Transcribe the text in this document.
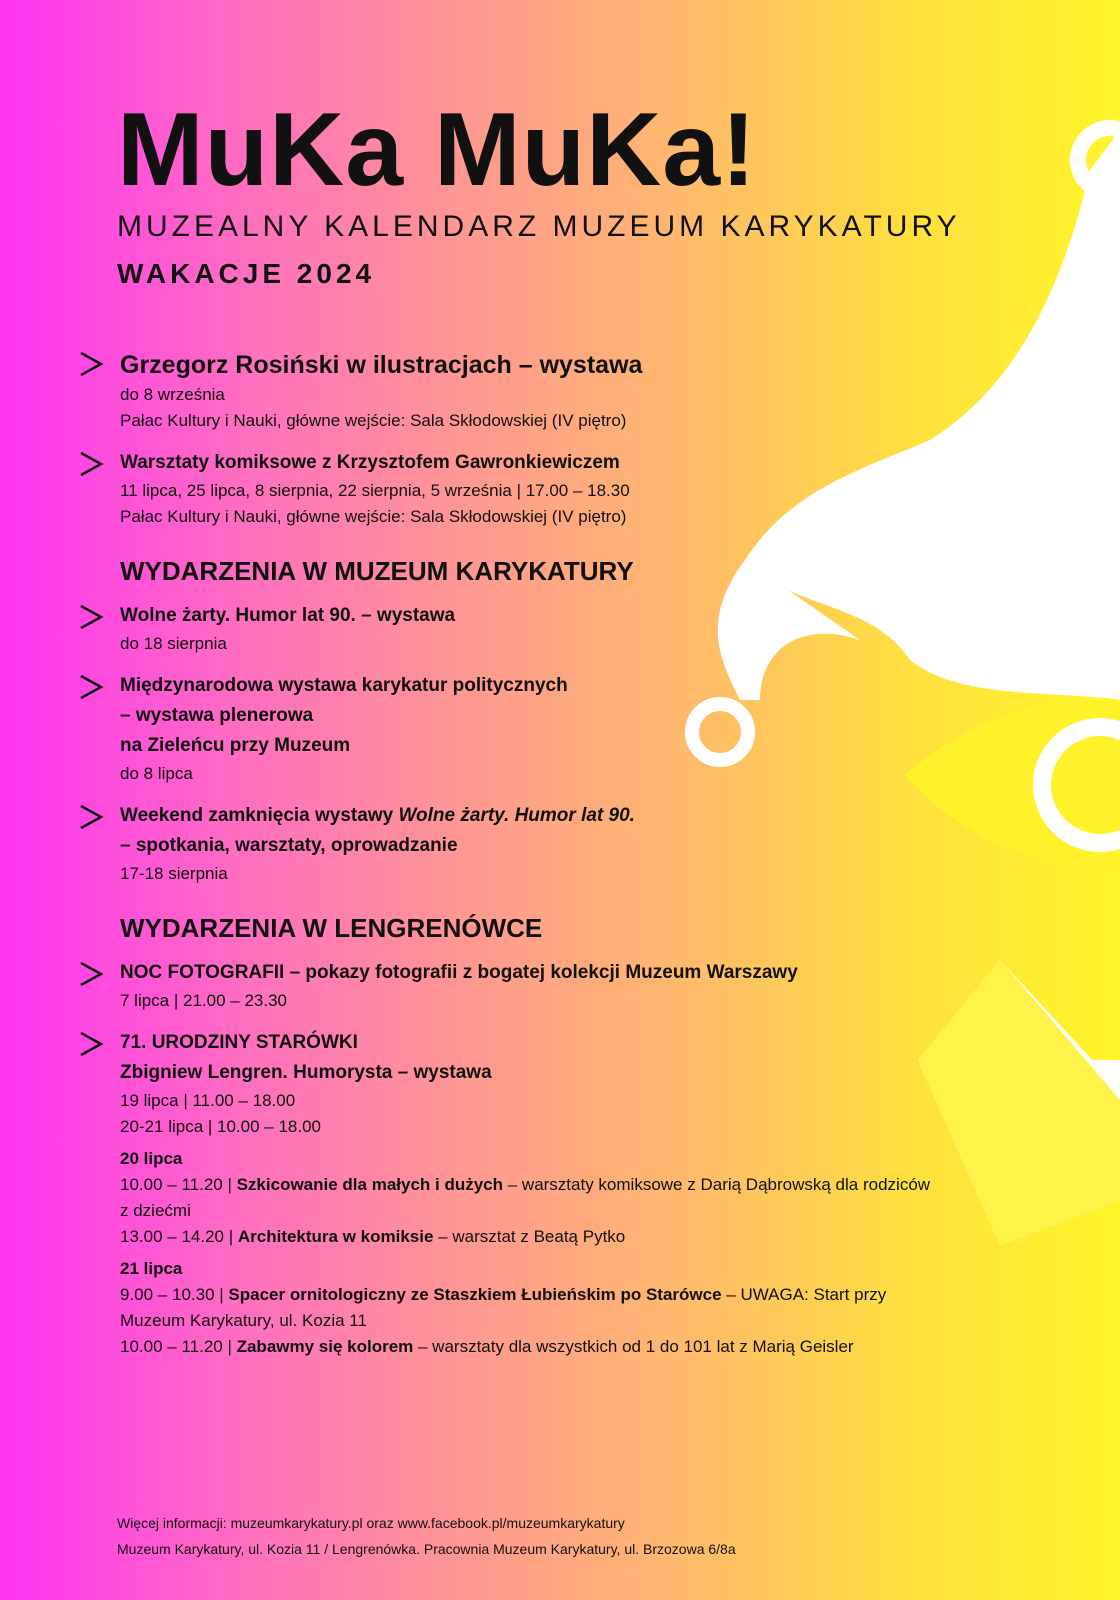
MuKa MuKa!
MUZEALNY KALENDARZ MUZEUM KARYKATURY
WAKACJE 2024
Grzegorz Rosiński w ilustracjach – wystawa
do 8 września
Pałac Kultury i Nauki, główne wejście: Sala Skłodowskiej (IV piętro)
Warsztaty komiksowe z Krzysztofem Gawronkiewiczem
11 lipca, 25 lipca, 8 sierpnia, 22 sierpnia, 5 września | 17.00 – 18.30
Pałac Kultury i Nauki, główne wejście: Sala Skłodowskiej (IV piętro)
WYDARZENIA W MUZEUM KARYKATURY
Wolne żarty. Humor lat 90. – wystawa
do 18 sierpnia
Międzynarodowa wystawa karykatur politycznych
– wystawa plenerowa
na Zieleńcu przy Muzeum
do 8 lipca
Weekend zamknięcia wystawy Wolne żarty. Humor lat 90.
– spotkania, warsztaty, oprowadzanie
17-18 sierpnia
WYDARZENIA W LENGRENÓWCE
NOC FOTOGRAFII – pokazy fotografii z bogatej kolekcji Muzeum Warszawy
7 lipca | 21.00 – 23.30
71. URODZINY STARÓWKI
Zbigniew Lengren. Humorysta – wystawa
19 lipca | 11.00 – 18.00
20-21 lipca | 10.00 – 18.00
20 lipca
10.00 – 11.20 | Szkicowanie dla małych i dużych – warsztaty komiksowe z Darią Dąbrowską dla rodziców z dziećmi
13.00 – 14.20 | Architektura w komiksie – warsztat z Beatą Pytko
21 lipca
9.00 – 10.30 | Spacer ornitologiczny ze Staszkiem Łubieńskim po Starówce – UWAGA: Start przy Muzeum Karykatury, ul. Kozia 11
10.00 – 11.20 | Zabawmy się kolorem – warsztaty dla wszystkich od 1 do 101 lat z Marią Geisler
Więcej informacji: muzeumkarykatury.pl oraz www.facebook.pl/muzeumkarykatury
Muzeum Karykatury, ul. Kozia 11 / Lengrenówka. Pracownia Muzeum Karykatury, ul. Brzozowa 6/8a
